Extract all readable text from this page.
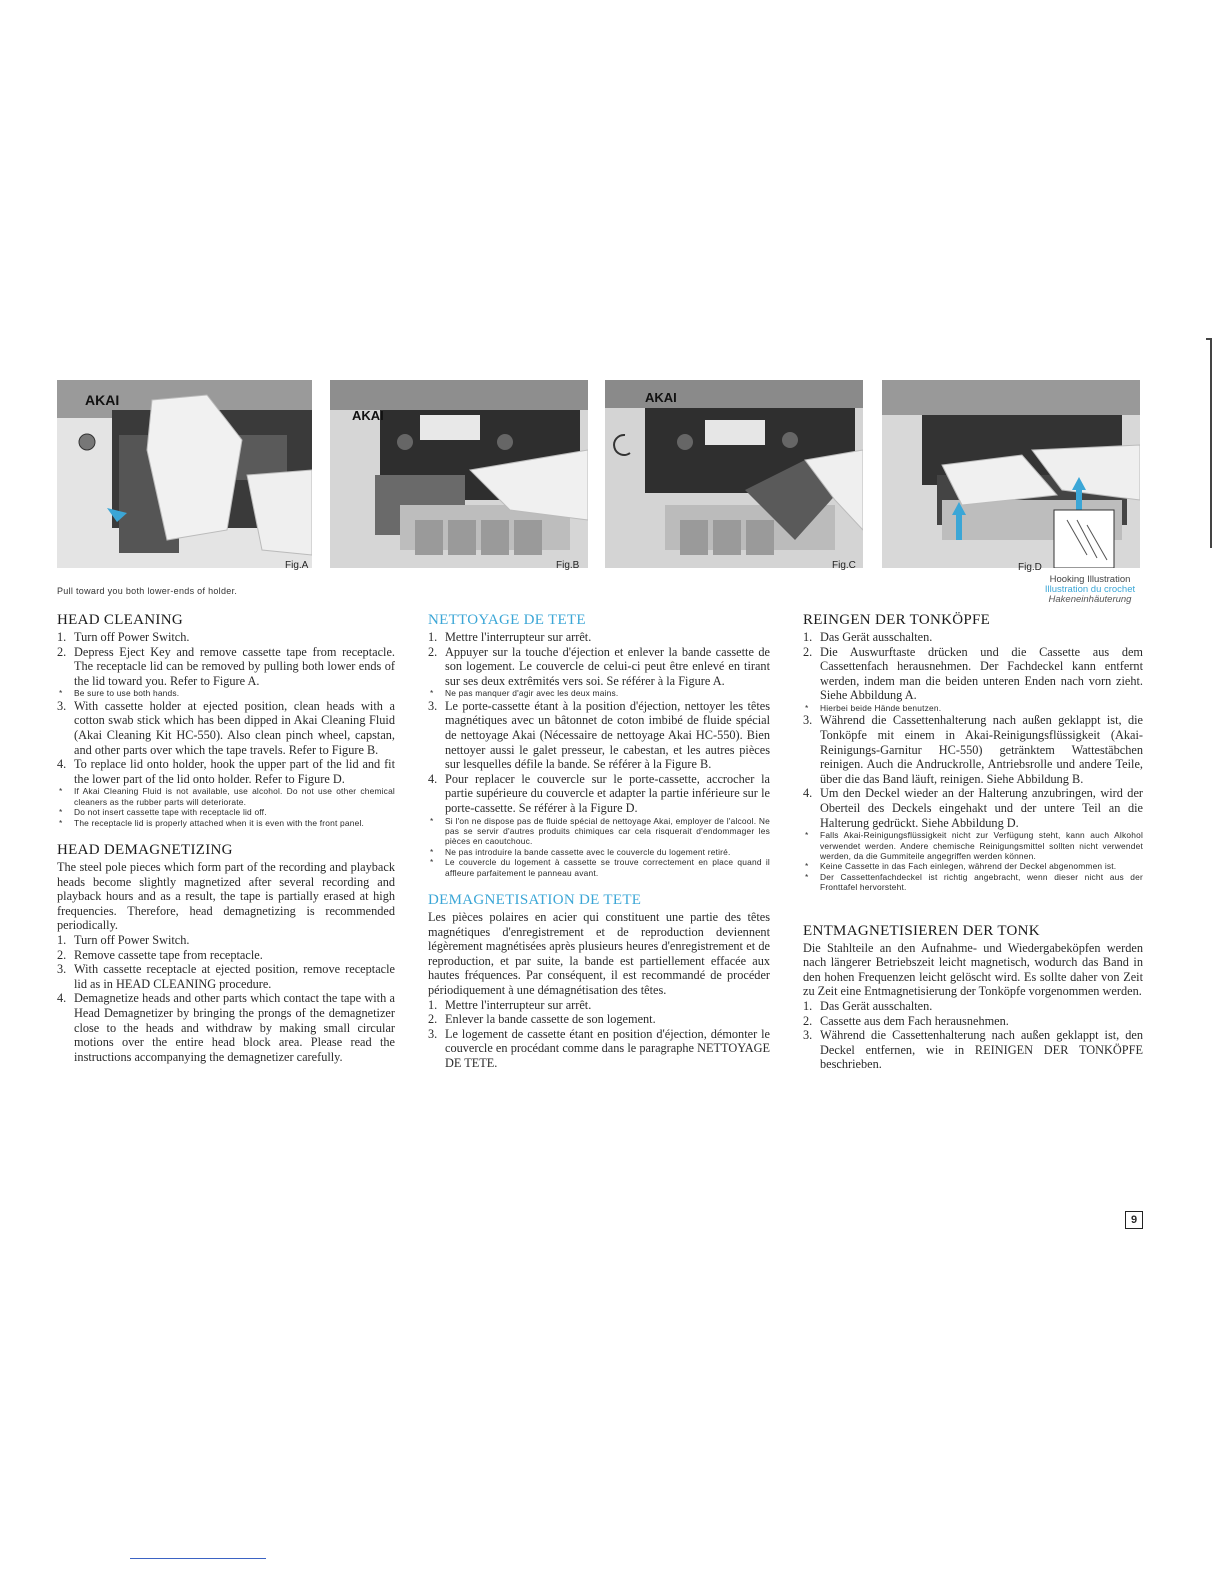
AKAI
AKAI
AKAI
Fig.A	Fig.B	Fig.C	Fig.D
Pull toward you both lower-ends of holder.
Hooking Illustration
Illustration du crochet
Hakeneinhäuterung
HEAD CLEANING
1. Turn off Power Switch.
2. Depress Eject Key and remove cassette tape from receptacle. The receptacle lid can be removed by pulling both lower ends of the lid toward you. Refer to Figure A.
* Be sure to use both hands.
3. With cassette holder at ejected position, clean heads with a cotton swab stick which has been dipped in Akai Cleaning Fluid (Akai Cleaning Kit HC-550). Also clean pinch wheel, capstan, and other parts over which the tape travels. Refer to Figure B.
4. To replace lid onto holder, hook the upper part of the lid and fit the lower part of the lid onto holder. Refer to Figure D.
* If Akai Cleaning Fluid is not available, use alcohol. Do not use other chemical cleaners as the rubber parts will deteriorate.
* Do not insert cassette tape with receptacle lid off.
* The receptacle lid is properly attached when it is even with the front panel.
HEAD DEMAGNETIZING

The steel pole pieces which form part of the recording and playback heads become slightly magnetized after several recording and playback hours and as a result, the tape is partially erased at high frequencies. Therefore, head demagnetizing is recommended periodically.

1. Turn off Power Switch.
2. Remove cassette tape from receptacle.
3. With cassette receptacle at ejected position, remove receptacle lid as in HEAD CLEANING procedure.
4. Demagnetize heads and other parts which contact the tape with a Head Demagnetizer by bringing the prongs of the demagnetizer close to the heads and withdraw by making small circular motions over the entire head block area. Please read the instructions accompanying the demagnetizer carefully.
NETTOYAGE DE TETE
1. Mettre l'interrupteur sur arrêt.
2. Appuyer sur la touche d'éjection et enlever la bande cassette de son logement. Le couvercle de celui-ci peut être enlevé en tirant sur ses deux extrêmités vers soi. Se référer à la Figure A.
* Ne pas manquer d'agir avec les deux mains.
3. Le porte-cassette étant à la position d'éjection, nettoyer les têtes magnétiques avec un bâtonnet de coton imbibé de fluide spécial de nettoyage Akai (Nécessaire de nettoyage Akai HC-550). Bien nettoyer aussi le galet presseur, le cabestan, et les autres pièces sur lesquelles défile la bande. Se référer à la Figure B.
4. Pour replacer le couvercle sur le porte-cassette, accrocher la partie supérieure du couvercle et adapter la partie inférieure sur le porte-cassette. Se référer à la Figure D.
* Si l'on ne dispose pas de fluide spécial de nettoyage Akai, employer de l'alcool. Ne pas se servir d'autres produits chimiques car cela risquerait d'endommager les pièces en caoutchouc.
* Ne pas introduire la bande cassette avec le couvercle du logement retiré.
* Le couvercle du logement à cassette se trouve correctement en place quand il affleure parfaitement le panneau avant.
DEMAGNETISATION DE TETE

Les pièces polaires en acier qui constituent une partie des têtes magnétiques d'enregistrement et de reproduction deviennent légèrement magnétisées après plusieurs heures d'enregistrement et de reproduction, et par suite, la bande est partiellement effacée aux hautes fréquences. Par conséquent, il est recommandé de procéder périodiquement à une démagnétisation des têtes.

1. Mettre l'interrupteur sur arrêt.
2. Enlever la bande cassette de son logement.
3. Le logement de cassette étant en position d'éjection, démonter le couvercle en procédant comme dans le paragraphe NETTOYAGE DE TETE.
REINGEN DER TONKÖPFE
1. Das Gerät ausschalten.
2. Die Auswurftaste drücken und die Cassette aus dem Cassettenfach herausnehmen. Der Fachdeckel kann entfernt werden, indem man die beiden unteren Enden nach vorn zieht. Siehe Abbildung A.
* Hierbei beide Hände benutzen.
3. Während die Cassettenhalterung nach außen geklappt ist, die Tonköpfe mit einem in Akai-Reinigungsflüssigkeit (Akai-Reinigungs-Garnitur HC-550) getränktem Wattestäbchen reinigen. Auch die Andruckrolle, Antriebsrolle und andere Teile, über die das Band läuft, reinigen. Siehe Abbildung B.
4. Um den Deckel wieder an der Halterung anzubringen, wird der Oberteil des Deckels eingehakt und der untere Teil an die Halterung gedrückt. Siehe Abbildung D.
* Falls Akai-Reinigungsflüssigkeit nicht zur Verfügung steht, kann auch Alkohol verwendet werden. Andere chemische Reinigungsmittel sollten nicht verwendet werden, da die Gummiteile angegriffen werden können.
* Keine Cassette in das Fach einlegen, während der Deckel abgenommen ist.
* Der Cassettenfachdeckel ist richtig angebracht, wenn dieser nicht aus der Fronttafel hervorsteht.
ENTMAGNETISIEREN DER TONK

Die Stahlteile an den Aufnahme- und Wiedergabeköpfen werden nach längerer Betriebszeit leicht magnetisch, wodurch das Band in den hohen Frequenzen leicht gelöscht wird. Es sollte daher von Zeit zu Zeit eine Entmagnetisierung der Tonköpfe vorgenommen werden.

1. Das Gerät ausschalten.
2. Cassette aus dem Fach herausnehmen.
3. Während die Cassettenhalterung nach außen geklappt ist, den Deckel entfernen, wie in REINIGEN DER TONKÖPFE beschrieben.
9
